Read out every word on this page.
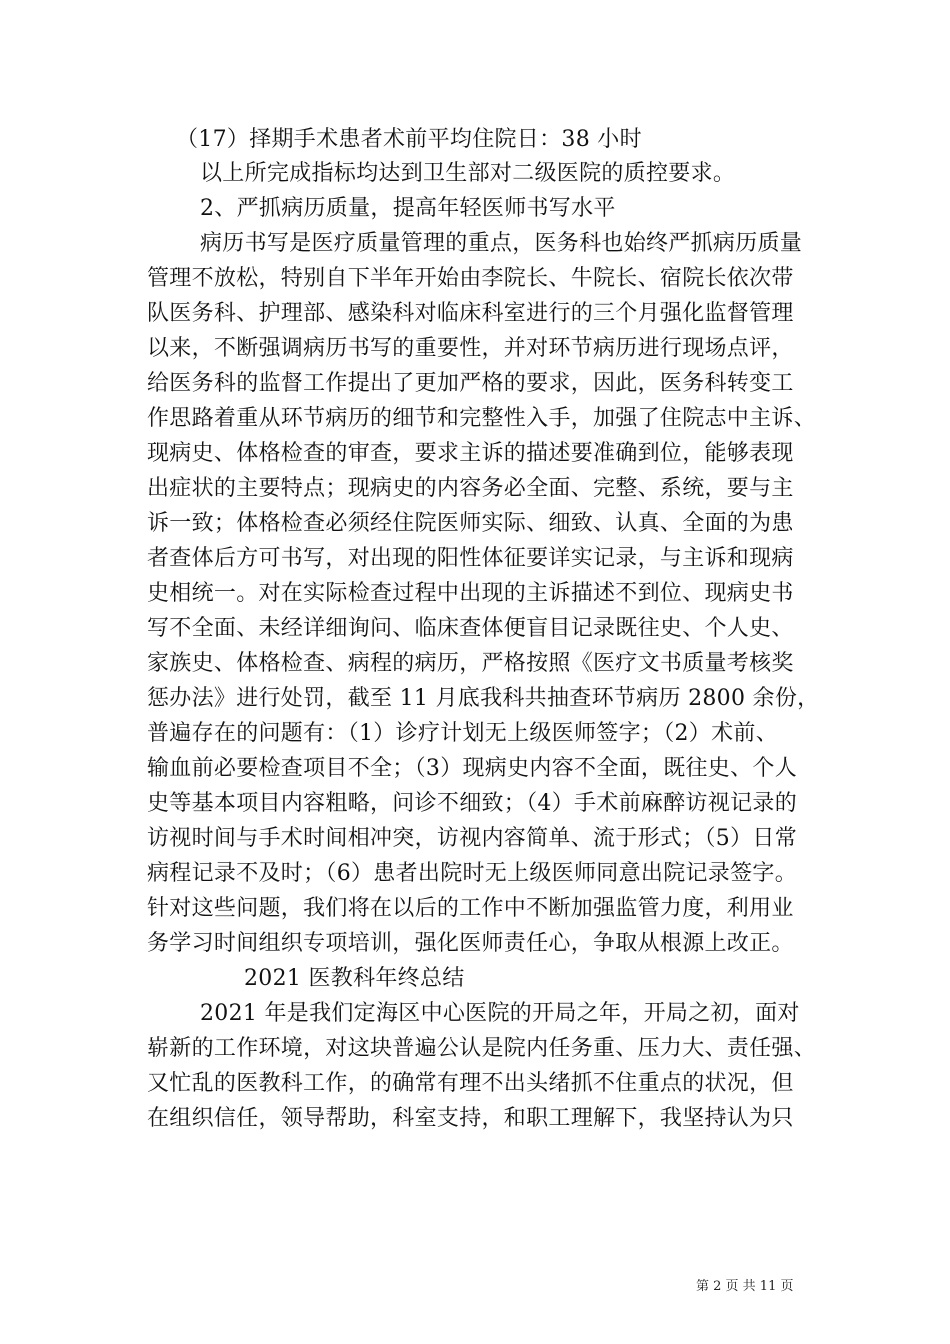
（17）择期手术患者术前平均住院日：38 小时
以上所完成指标均达到卫生部对二级医院的质控要求。
2、严抓病历质量，提高年轻医师书写水平
病历书写是医疗质量管理的重点，医务科也始终严抓病历质量
管理不放松，特别自下半年开始由李院长、牛院长、宿院长依次带
队医务科、护理部、感染科对临床科室进行的三个月强化监督管理
以来，不断强调病历书写的重要性，并对环节病历进行现场点评，
给医务科的监督工作提出了更加严格的要求，因此，医务科转变工
作思路着重从环节病历的细节和完整性入手，加强了住院志中主诉、
现病史、体格检查的审查，要求主诉的描述要准确到位，能够表现
出症状的主要特点；现病史的内容务必全面、完整、系统，要与主
诉一致；体格检查必须经住院医师实际、细致、认真、全面的为患
者查体后方可书写，对出现的阳性体征要详实记录，与主诉和现病
史相统一。对在实际检查过程中出现的主诉描述不到位、现病史书
写不全面、未经详细询问、临床查体便盲目记录既往史、个人史、
家族史、体格检查、病程的病历，严格按照《医疗文书质量考核奖
惩办法》进行处罚，截至 11 月底我科共抽查环节病历 2800 余份，
普遍存在的问题有：（1）诊疗计划无上级医师签字；（2）术前、
输血前必要检查项目不全；（3）现病史内容不全面，既往史、个人
史等基本项目内容粗略，问诊不细致；（4）手术前麻醉访视记录的
访视时间与手术时间相冲突，访视内容简单、流于形式；（5）日常
病程记录不及时；（6）患者出院时无上级医师同意出院记录签字。
针对这些问题，我们将在以后的工作中不断加强监管力度，利用业
务学习时间组织专项培训，强化医师责任心，争取从根源上改正。
2021 医教科年终总结
2021 年是我们定海区中心医院的开局之年，开局之初，面对
崭新的工作环境，对这块普遍公认是院内任务重、压力大、责任强、
又忙乱的医教科工作，的确常有理不出头绪抓不住重点的状况，但
在组织信任，领导帮助，科室支持，和职工理解下，我坚持认为只
第 2 页 共 11 页
